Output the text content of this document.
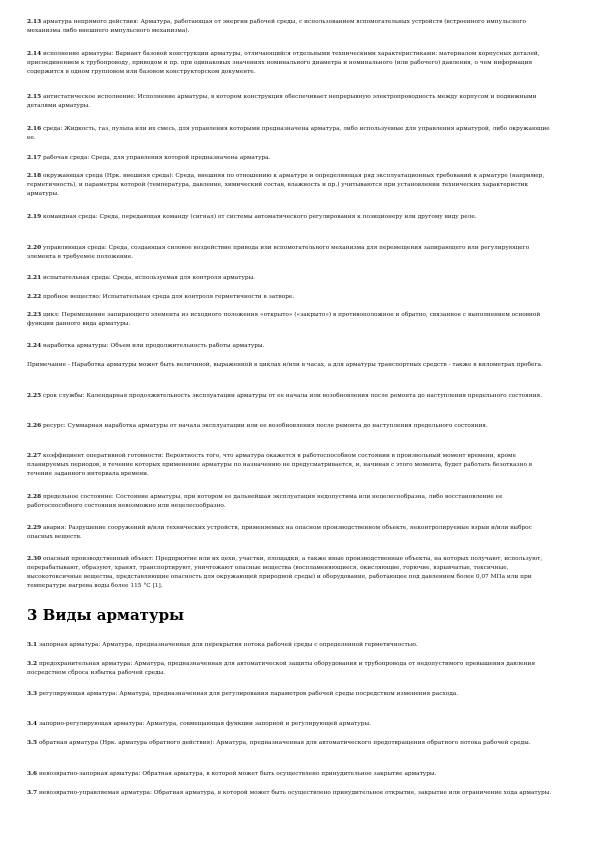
2.13 арматура непрямого действия: Арматура, работающая от энергии рабочей среды, с использованием вспомогательных устройств (встроенного импульсного механизма либо внешнего импульсного механизма).

2.14 исполнение арматуры: Вариант базовой конструкции арматуры, отличающийся отдельными техническими характеристиками: материалом корпусных деталей, присоединением к трубопроводу, приводом и пр. при одинаковых значениях номинального диаметра и номинального (или рабочего) давления, о чем информация содержится в одном групповом или базовом конструкторском документе.

2.15 антистатическое исполнение: Исполнение арматуры, в котором конструкция обеспечивает непрерывную электропроводность между корпусом и подвижными деталями арматуры.

2.16 среда: Жидкость, газ, пульпа или их смесь, для управления которыми предназначена арматура, либо используемые для управления арматурой, либо окружающие ее.

2.17 рабочая среда: Среда, для управления которой предназначена арматура.

2.18 окружающая среда (Нрк. внешняя среда): Среда, внешняя по отношению к арматуре и определяющая ряд эксплуатационных требований к арматуре (например, герметичность), и параметры которой (температура, давление, химический состав, влажность и пр.) учитываются при установлении технических характеристик арматуры.

2.19 командная среда: Среда, передающая команду (сигнал) от системы автоматического регулирования к позиционеру или другому виду реле.

2.20 управляющая среда: Среда, создающая силовое воздействие привода или вспомогательного механизма для перемещения запирающего или регулирующего элемента в требуемое положение.

2.21 испытательная среда: Среда, используемая для контроля арматуры.

2.22 пробное вещество: Испытательная среда для контроля герметичности в затворе.

2.23 цикл: Перемещение запирающего элемента из исходного положения «открыто» («закрыто») в противоположное и обратно, связанное с выполнением основной функции данного вида арматуры.

2.24 наработка арматуры: Объем или продолжительность работы арматуры.

Примечание - Наработка арматуры может быть величиной, выраженной в циклах и/или в часах, а для арматуры транспортных средств - также в километрах пробега.

2.25 срок службы: Календарная продолжительность эксплуатации арматуры от ее начала или возобновления после ремонта до наступления предельного состояния.

2.26 ресурс: Суммарная наработка арматуры от начала эксплуатации или ее возобновления после ремонта до наступления предельного состояния.

2.27 коэффициент оперативной готовности: Вероятность того, что арматура окажется в работоспособном состоянии в произвольный момент времени, кроме планируемых периодов, в течение которых применение арматуры по назначению не предусматривается, и, начиная с этого момента, будет работать безотказно в течение заданного интервала времени.

2.28 предельное состояние: Состояние арматуры, при котором ее дальнейшая эксплуатация недопустима или нецелесообразна, либо восстановление ее работоспособного состояния невозможно или нецелесообразно.

2.29 авария: Разрушение сооружений и/или технических устройств, применяемых на опасном производственном объекте, неконтролируемые взрыв и/или выброс опасных веществ.

2.30 опасный производственный объект: Предприятие или их цехи, участки, площадки, а также иные производственные объекты, на которых получают, используют, перерабатывают, образуют, хранят, транспортируют, уничтожают опасные вещества (воспламеняющиеся, окисляющие, горючие, взрывчатые, токсичные, высокотоксичные вещества, представляющие опасность для окружающей природной среды) и оборудование, работающее под давлением более 0,07 МПа или при температуре нагрева воды более 115 °С [1].

3 Виды арматуры

3.1 запорная арматура: Арматура, предназначенная для перекрытия потока рабочей среды с определенной герметичностью.

3.2 предохранительная арматура: Арматура, предназначенная для автоматической защиты оборудования и трубопровода от недопустимого превышения давления посредством сброса избытка рабочей среды.

3.3 регулирующая арматура: Арматура, предназначенная для регулирования параметров рабочей среды посредством изменения расхода.

3.4 запорно-регулирующая арматура: Арматура, совмещающая функции запорной и регулирующей арматуры.

3.5 обратная арматура (Нрк. арматура обратного действия): Арматура, предназначенная для автоматического предотвращения обратного потока рабочей среды.

3.6 невозвратно-запорная арматура: Обратная арматура, в которой может быть осуществлено принудительное закрытие арматуры.

3.7 невозвратно-управляемая арматура: Обратная арматура, в которой может быть осуществлено принудительное открытие, закрытие или ограничение хода арматуры.
